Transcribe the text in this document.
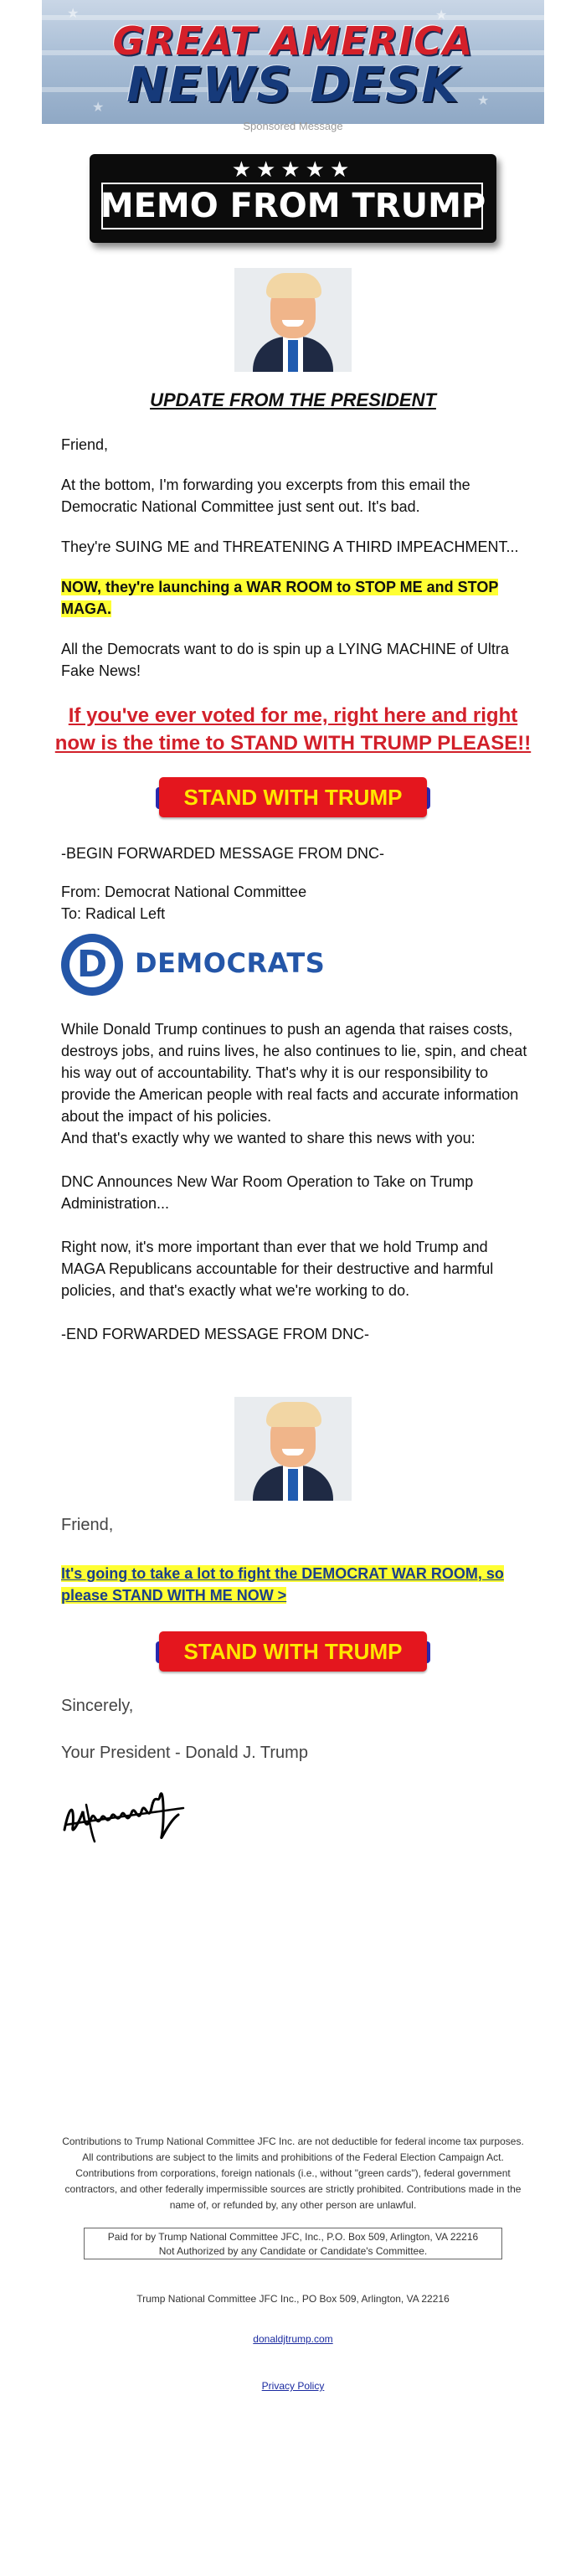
★
★
★
★
GREAT AMERICA
NEWS DESK
Sponsored Message
★★★★★
MEMO FROM TRUMP
UPDATE FROM THE PRESIDENT
Friend,
At the bottom, I'm forwarding you excerpts from this email the Democratic National Committee just sent out. It's bad.
They're SUING ME and THREATENING A THIRD IMPEACHMENT...
NOW, they're launching a WAR ROOM to STOP ME and STOP MAGA.
All the Democrats want to do is spin up a LYING MACHINE of Ultra Fake News!
If you've ever voted for me, right here and right now is the time to STAND WITH TRUMP PLEASE!!
STAND WITH TRUMP
-BEGIN FORWARDED MESSAGE FROM DNC-
From: Democrat National Committee
To: Radical Left
D	DEMOCRATS
While Donald Trump continues to push an agenda that raises costs, destroys jobs, and ruins lives, he also continues to lie, spin, and cheat his way out of accountability. That's why it is our responsibility to provide the American people with real facts and accurate information about the impact of his policies.
And that's exactly why we wanted to share this news with you:
DNC Announces New War Room Operation to Take on Trump Administration...
Right now, it's more important than ever that we hold Trump and MAGA Republicans accountable for their destructive and harmful policies, and that's exactly what we're working to do.
-END FORWARDED MESSAGE FROM DNC-
Friend,
It's going to take a lot to fight the DEMOCRAT WAR ROOM, so please STAND WITH ME NOW >
STAND WITH TRUMP
Sincerely,
Your President - Donald J. Trump
Contributions to Trump National Committee JFC Inc. are not deductible for federal income tax purposes. All contributions are subject to the limits and prohibitions of the Federal Election Campaign Act. Contributions from corporations, foreign nationals (i.e., without "green cards"), federal government contractors, and other federally impermissible sources are strictly prohibited. Contributions made in the name of, or refunded by, any other person are unlawful.
Paid for by Trump National Committee JFC, Inc., P.O. Box 509, Arlington, VA 22216
Not Authorized by any Candidate or Candidate's Committee.
Trump National Committee JFC Inc., PO Box 509, Arlington, VA 22216
donaldjtrump.com
Privacy Policy
